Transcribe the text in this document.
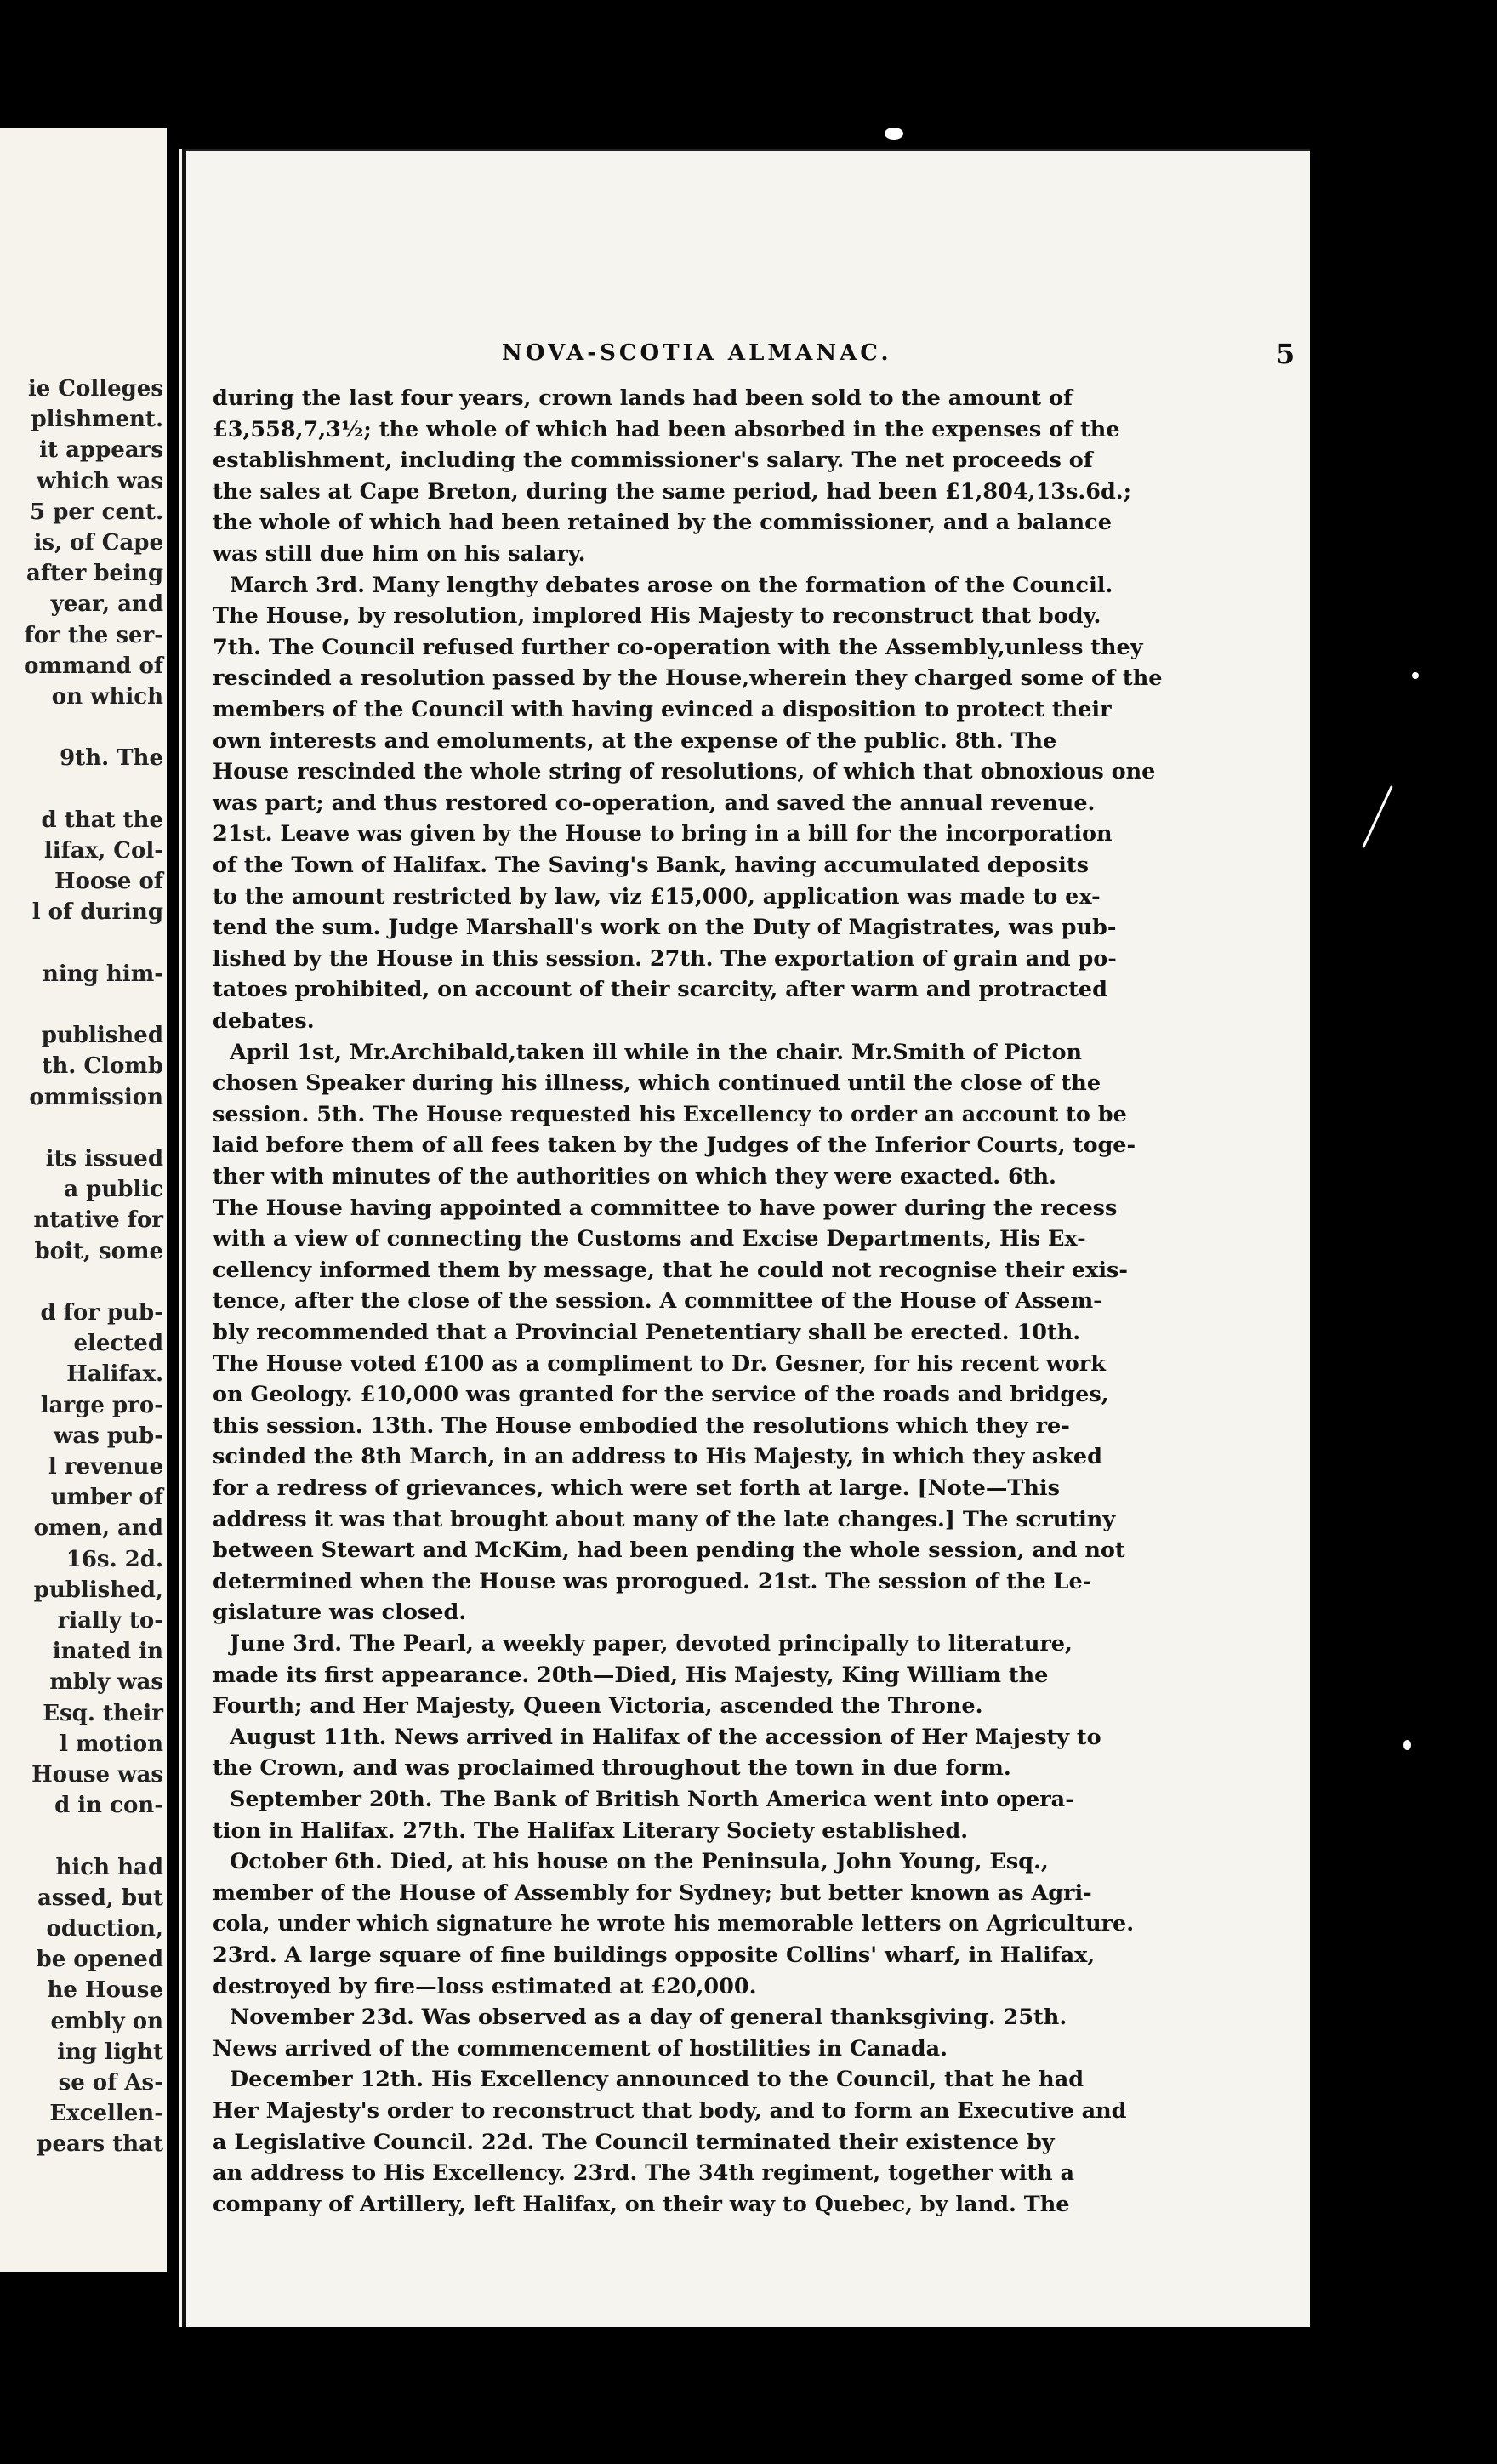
ie Colleges
plishment.
it appears
which was
5 per cent.
is, of Cape
after being
year, and
for the ser-
ommand of
on which
9th. The
d that the
lifax, Col-
Hoose of
l of during
ning him-
published
th. Clomb
ommission
its issued
a public
ntative for
boit, some
d for pub-
elected
Halifax.
large pro-
was pub-
l revenue
umber of
omen, and
16s. 2d.
published,
rially to-
inated in
mbly was
Esq. their
l motion
House was
d in con-
hich had
assed, but
oduction,
be opened
he House
embly on
ing light
se of As-
Excellen-
pears that
NOVA-SCOTIA ALMANAC.	5
during the last four years, crown lands had been sold to the amount of
£3,558,7,3½; the whole of which had been absorbed in the expenses of the
establishment, including the commissioner's salary. The net proceeds of
the sales at Cape Breton, during the same period, had been £1,804,13s.6d.;
the whole of which had been retained by the commissioner, and a balance
was still due him on his salary.
March 3rd. Many lengthy debates arose on the formation of the Council.
The House, by resolution, implored His Majesty to reconstruct that body.
7th. The Council refused further co-operation with the Assembly,unless they
rescinded a resolution passed by the House,wherein they charged some of the
members of the Council with having evinced a disposition to protect their
own interests and emoluments, at the expense of the public. 8th. The
House rescinded the whole string of resolutions, of which that obnoxious one
was part; and thus restored co-operation, and saved the annual revenue.
21st. Leave was given by the House to bring in a bill for the incorporation
of the Town of Halifax. The Saving's Bank, having accumulated deposits
to the amount restricted by law, viz £15,000, application was made to ex-
tend the sum. Judge Marshall's work on the Duty of Magistrates, was pub-
lished by the House in this session. 27th. The exportation of grain and po-
tatoes prohibited, on account of their scarcity, after warm and protracted
debates.
April 1st, Mr.Archibald,taken ill while in the chair. Mr.Smith of Picton
chosen Speaker during his illness, which continued until the close of the
session. 5th. The House requested his Excellency to order an account to be
laid before them of all fees taken by the Judges of the Inferior Courts, toge-
ther with minutes of the authorities on which they were exacted. 6th.
The House having appointed a committee to have power during the recess
with a view of connecting the Customs and Excise Departments, His Ex-
cellency informed them by message, that he could not recognise their exis-
tence, after the close of the session. A committee of the House of Assem-
bly recommended that a Provincial Penetentiary shall be erected. 10th.
The House voted £100 as a compliment to Dr. Gesner, for his recent work
on Geology. £10,000 was granted for the service of the roads and bridges,
this session. 13th. The House embodied the resolutions which they re-
scinded the 8th March, in an address to His Majesty, in which they asked
for a redress of grievances, which were set forth at large. [Note—This
address it was that brought about many of the late changes.] The scrutiny
between Stewart and McKim, had been pending the whole session, and not
determined when the House was prorogued. 21st. The session of the Le-
gislature was closed.
June 3rd. The Pearl, a weekly paper, devoted principally to literature,
made its first appearance. 20th—Died, His Majesty, King William the
Fourth; and Her Majesty, Queen Victoria, ascended the Throne.
August 11th. News arrived in Halifax of the accession of Her Majesty to
the Crown, and was proclaimed throughout the town in due form.
September 20th. The Bank of British North America went into opera-
tion in Halifax. 27th. The Halifax Literary Society established.
October 6th. Died, at his house on the Peninsula, John Young, Esq.,
member of the House of Assembly for Sydney; but better known as Agri-
cola, under which signature he wrote his memorable letters on Agriculture.
23rd. A large square of fine buildings opposite Collins' wharf, in Halifax,
destroyed by fire—loss estimated at £20,000.
November 23d. Was observed as a day of general thanksgiving. 25th.
News arrived of the commencement of hostilities in Canada.
December 12th. His Excellency announced to the Council, that he had
Her Majesty's order to reconstruct that body, and to form an Executive and
a Legislative Council. 22d. The Council terminated their existence by
an address to His Excellency. 23rd. The 34th regiment, together with a
company of Artillery, left Halifax, on their way to Quebec, by land. The
